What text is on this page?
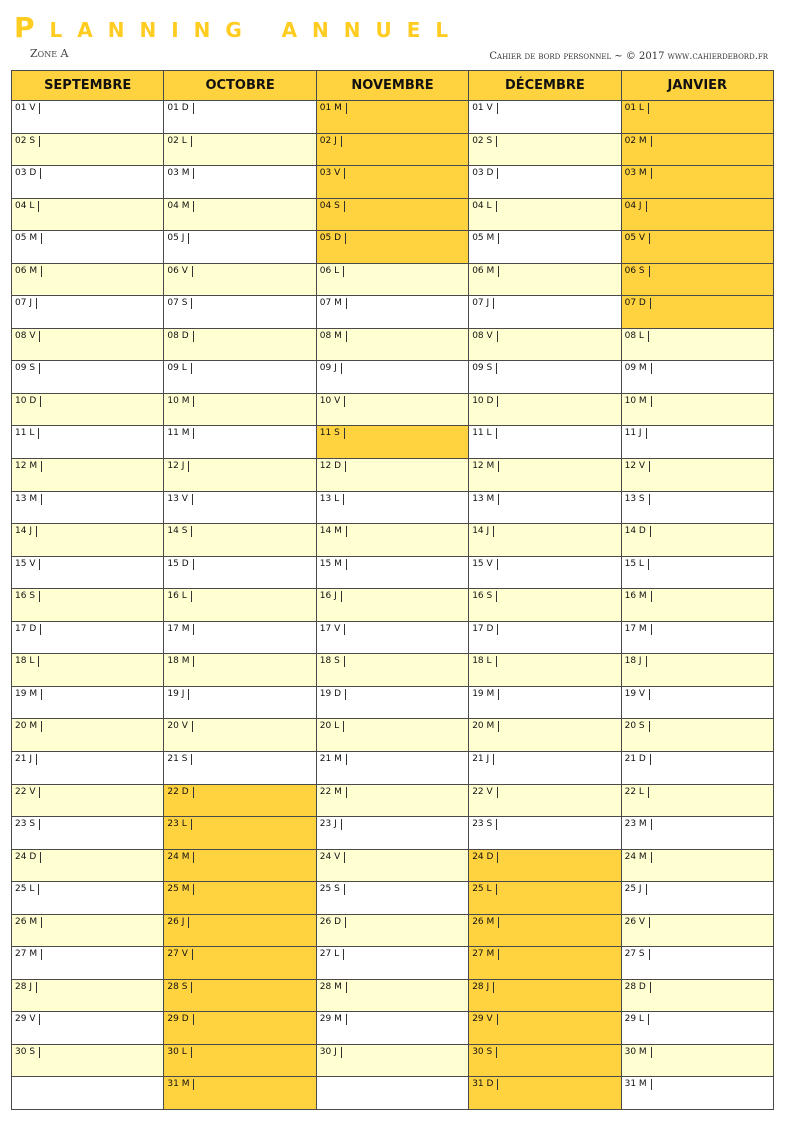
Planning annuel
Zone A	Cahier de bord personnel ~ © 2017 www.cahierdebord.fr
SEPTEMBRE
01 V
02 S
03 D
04 L
05 M
06 M
07 J
08 V
09 S
10 D
11 L
12 M
13 M
14 J
15 V
16 S
17 D
18 L
19 M
20 M
21 J
22 V
23 S
24 D
25 L
26 M
27 M
28 J
29 V
30 S
OCTOBRE
01 D
02 L
03 M
04 M
05 J
06 V
07 S
08 D
09 L
10 M
11 M
12 J
13 V
14 S
15 D
16 L
17 M
18 M
19 J
20 V
21 S
22 D
23 L
24 M
25 M
26 J
27 V
28 S
29 D
30 L
31 M
NOVEMBRE
01 M
02 J
03 V
04 S
05 D
06 L
07 M
08 M
09 J
10 V
11 S
12 D
13 L
14 M
15 M
16 J
17 V
18 S
19 D
20 L
21 M
22 M
23 J
24 V
25 S
26 D
27 L
28 M
29 M
30 J
DÉCEMBRE
01 V
02 S
03 D
04 L
05 M
06 M
07 J
08 V
09 S
10 D
11 L
12 M
13 M
14 J
15 V
16 S
17 D
18 L
19 M
20 M
21 J
22 V
23 S
24 D
25 L
26 M
27 M
28 J
29 V
30 S
31 D
JANVIER
01 L
02 M
03 M
04 J
05 V
06 S
07 D
08 L
09 M
10 M
11 J
12 V
13 S
14 D
15 L
16 M
17 M
18 J
19 V
20 S
21 D
22 L
23 M
24 M
25 J
26 V
27 S
28 D
29 L
30 M
31 M
